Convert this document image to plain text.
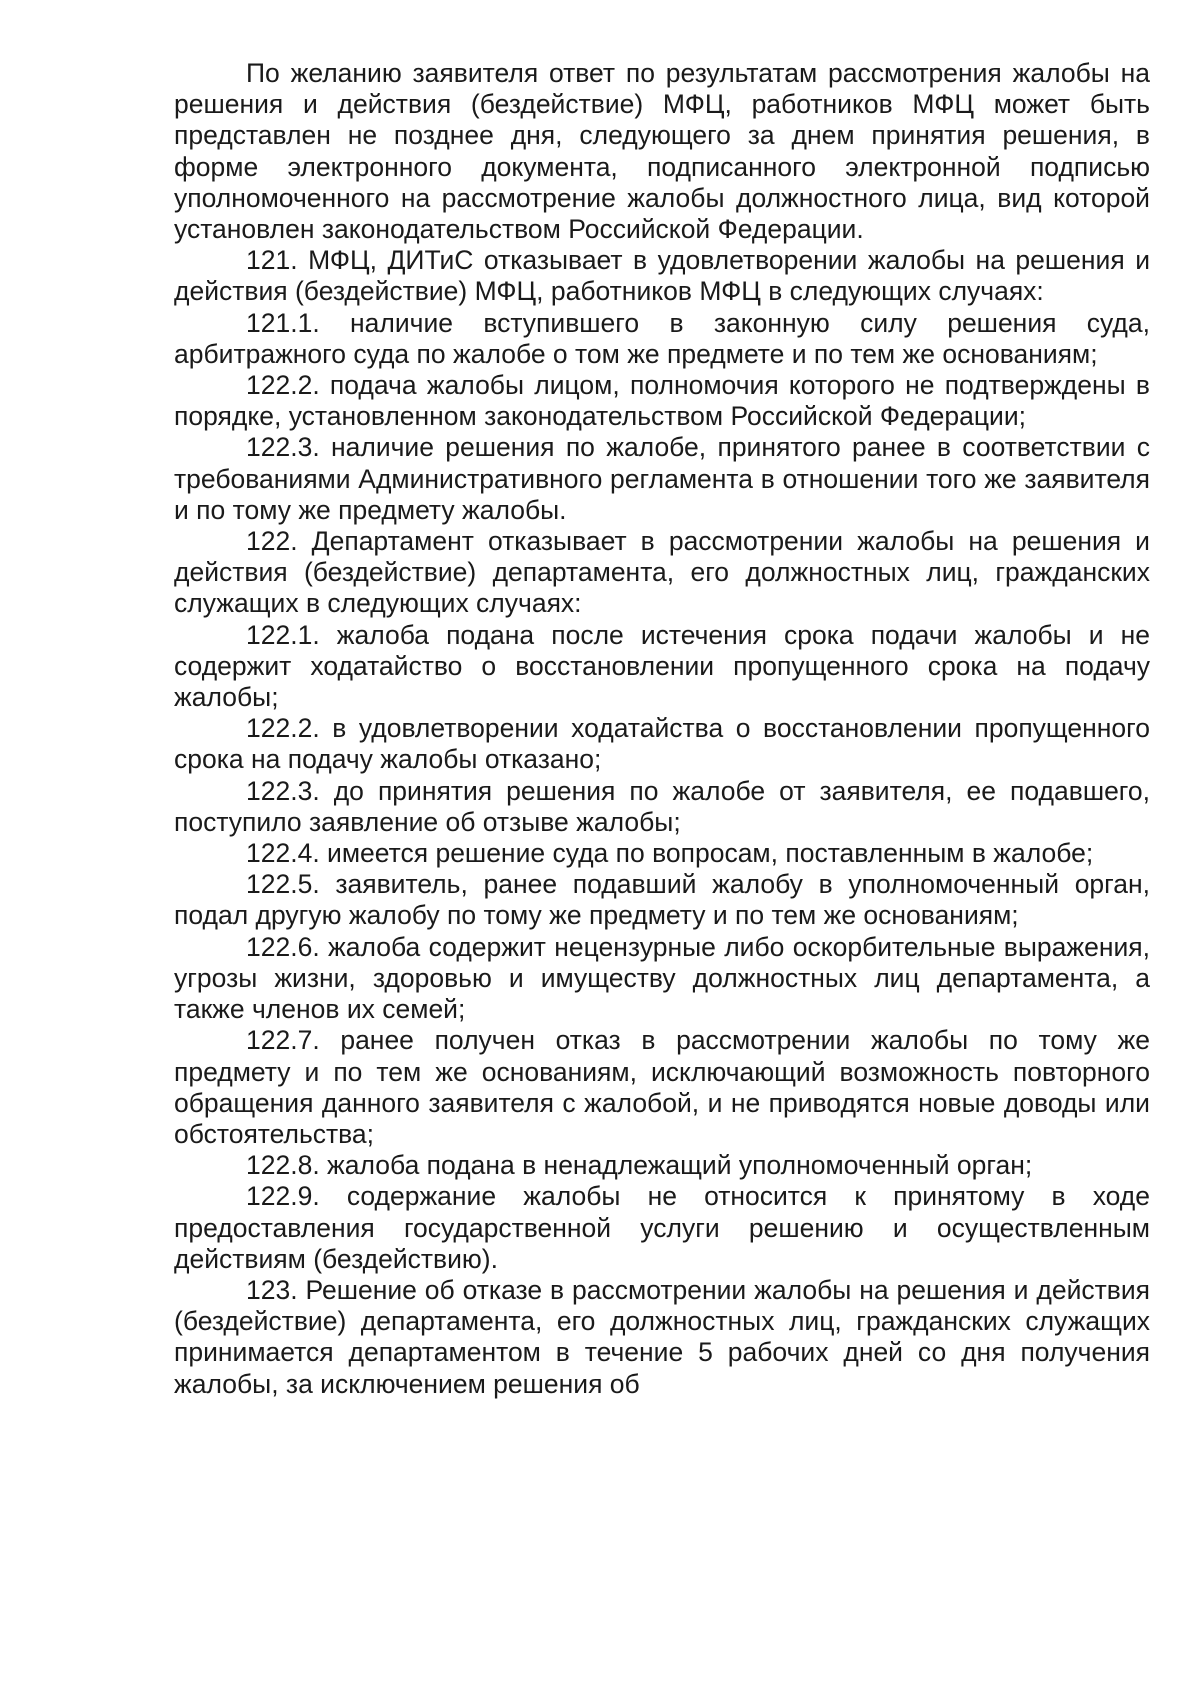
По желанию заявителя ответ по результатам рассмотрения жалобы на решения и действия (бездействие) МФЦ, работников МФЦ может быть представлен не позднее дня, следующего за днем принятия решения, в форме электронного документа, подписанного электронной подписью уполномоченного на рассмотрение жалобы должностного лица, вид которой установлен законодательством Российской Федерации.

121. МФЦ, ДИТиС отказывает в удовлетворении жалобы на решения и действия (бездействие) МФЦ, работников МФЦ в следующих случаях:

121.1. наличие вступившего в законную силу решения суда, арбитражного суда по жалобе о том же предмете и по тем же основаниям;

122.2. подача жалобы лицом, полномочия которого не подтверждены в порядке, установленном законодательством Российской Федерации;

122.3. наличие решения по жалобе, принятого ранее в соответствии с требованиями Административного регламента в отношении того же заявителя и по тому же предмету жалобы.

122. Департамент отказывает в рассмотрении жалобы на решения и действия (бездействие) департамента, его должностных лиц, гражданских служащих в следующих случаях:

122.1. жалоба подана после истечения срока подачи жалобы и не содержит ходатайство о восстановлении пропущенного срока на подачу жалобы;

122.2. в удовлетворении ходатайства о восстановлении пропущенного срока на подачу жалобы отказано;

122.3. до принятия решения по жалобе от заявителя, ее подавшего, поступило заявление об отзыве жалобы;

122.4. имеется решение суда по вопросам, поставленным в жалобе;

122.5. заявитель, ранее подавший жалобу в уполномоченный орган, подал другую жалобу по тому же предмету и по тем же основаниям;

122.6. жалоба содержит нецензурные либо оскорбительные выражения, угрозы жизни, здоровью и имуществу должностных лиц департамента, а также членов их семей;

122.7. ранее получен отказ в рассмотрении жалобы по тому же предмету и по тем же основаниям, исключающий возможность повторного обращения данного заявителя с жалобой, и не приводятся новые доводы или обстоятельства;

122.8. жалоба подана в ненадлежащий уполномоченный орган;

122.9. содержание жалобы не относится к принятому в ходе предоставления государственной услуги решению и осуществленным действиям (бездействию).

123. Решение об отказе в рассмотрении жалобы на решения и действия (бездействие) департамента, его должностных лиц, гражданских служащих принимается департаментом в течение 5 рабочих дней со дня получения жалобы, за исключением решения об
